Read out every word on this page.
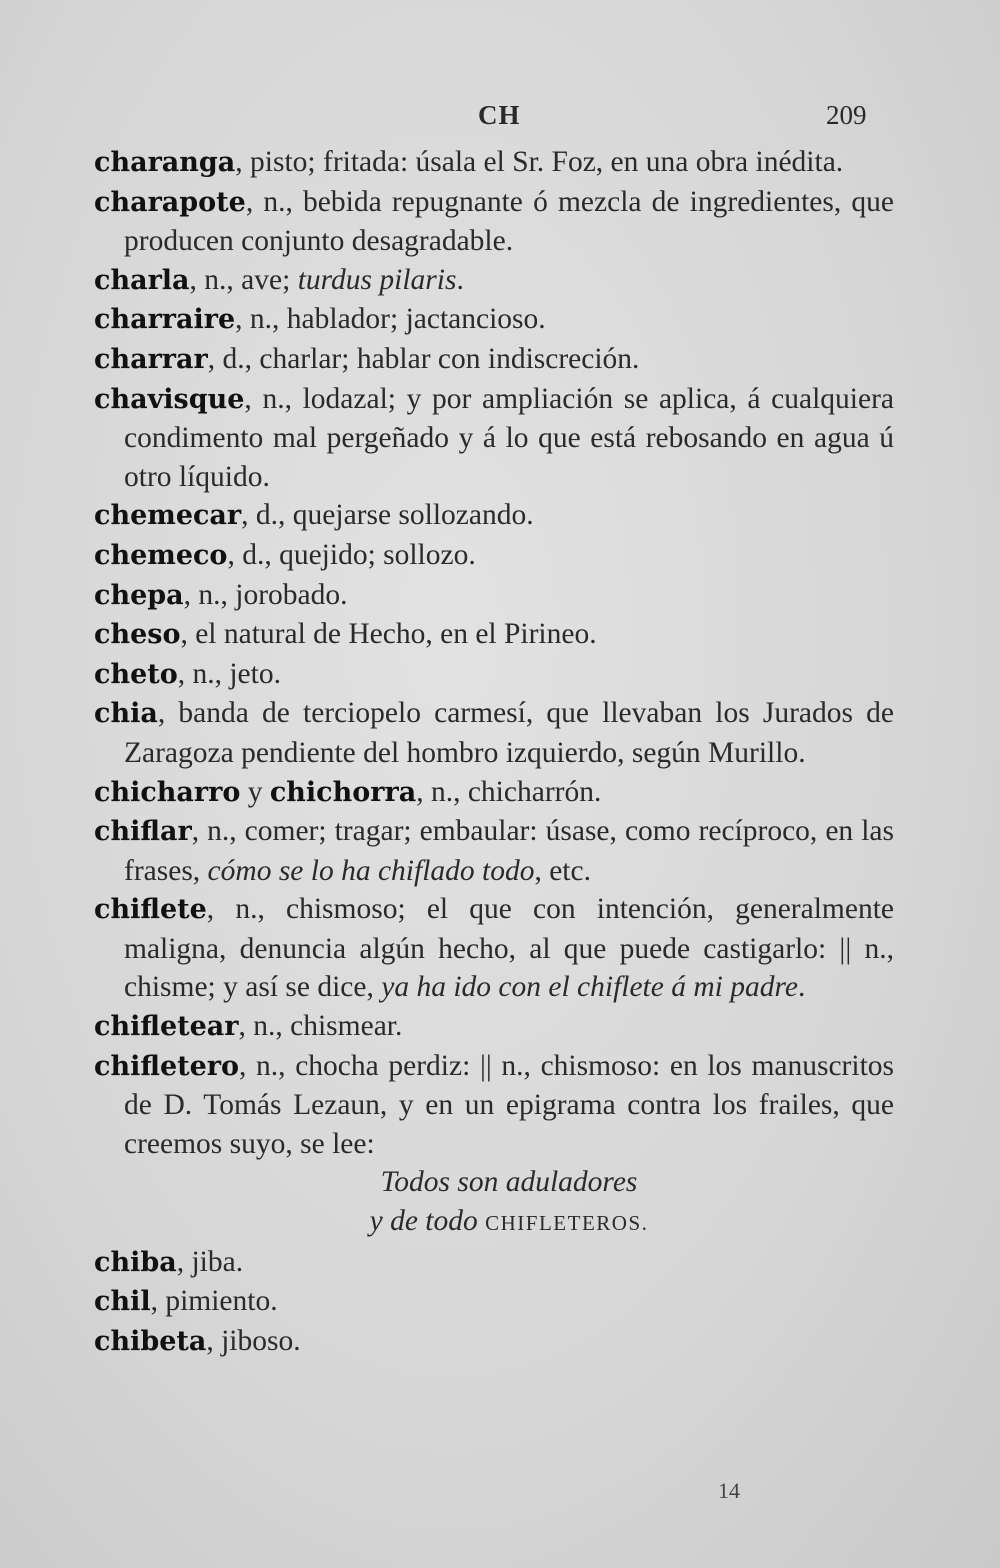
CH	209
charanga, pisto; fritada: úsala el Sr. Foz, en una obra inédita.
charapote, n., bebida repugnante ó mezcla de ingredientes, que producen conjunto desagradable.
charla, n., ave; turdus pilaris.
charraire, n., hablador; jactancioso.
charrar, d., charlar; hablar con indiscreción.
chavisque, n., lodazal; y por ampliación se aplica, á cualquiera condimento mal pergeñado y á lo que está rebosando en agua ú otro líquido.
chemecar, d., quejarse sollozando.
chemeco, d., quejido; sollozo.
chepa, n., jorobado.
cheso, el natural de Hecho, en el Pirineo.
cheto, n., jeto.
chia, banda de terciopelo carmesí, que llevaban los Jurados de Zaragoza pendiente del hombro izquierdo, según Murillo.
chicharro y chichorra, n., chicharrón.
chiflar, n., comer; tragar; embaular: úsase, como recíproco, en las frases, cómo se lo ha chiflado todo, etc.
chiflete, n., chismoso; el que con intención, generalmente maligna, denuncia algún hecho, al que puede castigarlo: || n., chisme; y así se dice, ya ha ido con el chiflete á mi padre.
chifletear, n., chismear.
chifletero, n., chocha perdiz: || n., chismoso: en los manuscritos de D. Tomás Lezaun, y en un epigrama contra los frailes, que creemos suyo, se lee:
Todos son aduladores
y de todo CHIFLETEROS.
chiba, jiba.
chil, pimiento.
chibeta, jiboso.
14
